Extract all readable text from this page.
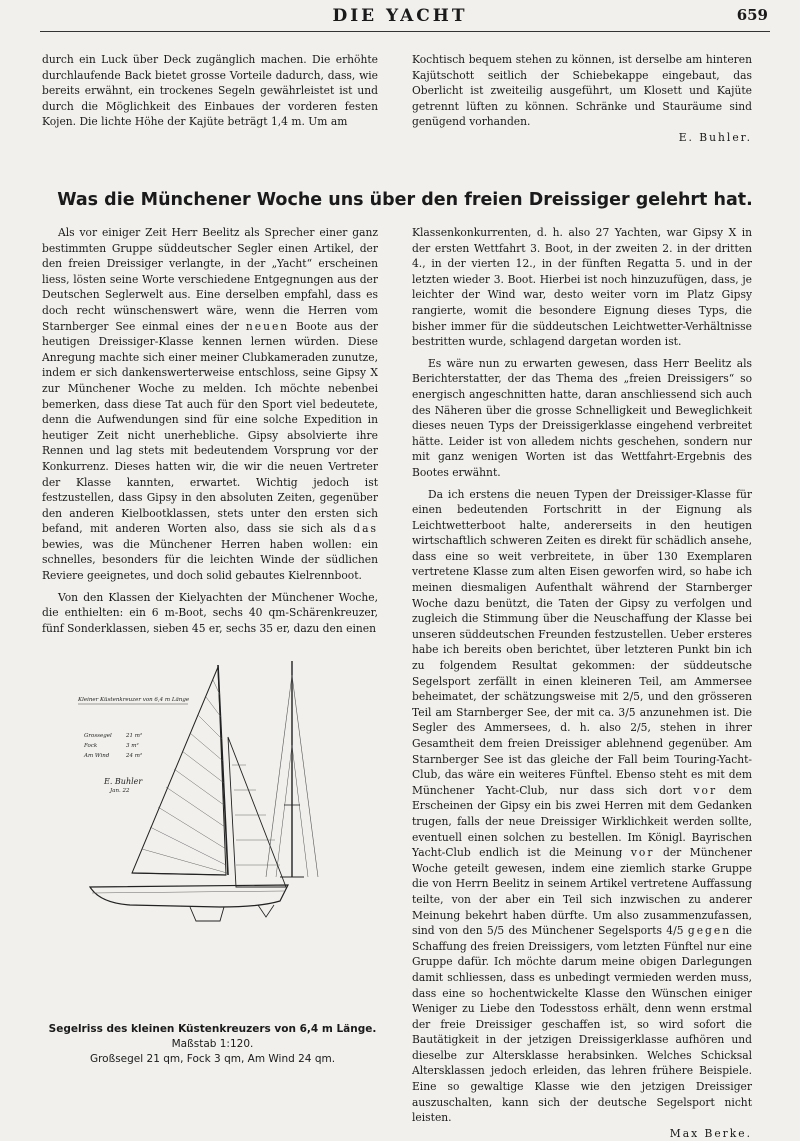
DIE YACHT	659

durch ein Luck über Deck zugänglich machen. Die erhöhte durchlaufende Back bietet grosse Vorteile dadurch, dass, wie bereits erwähnt, ein trockenes Segeln gewährleistet ist und durch die Möglichkeit des Einbaues der vorderen festen Kojen. Die lichte Höhe der Kajüte beträgt 1,4 m. Um am

Kochtisch bequem stehen zu können, ist derselbe am hinteren Kajütschott seitlich der Schiebekappe eingebaut, das Oberlicht ist zweiteilig ausgeführt, um Klosett und Kajüte getrennt lüften zu können. Schränke und Stauräume sind genügend vorhanden.

E. Buhler.
Was die Münchener Woche uns über den freien Dreissiger gelehrt hat.

Als vor einiger Zeit Herr Beelitz als Sprecher einer ganz bestimmten Gruppe süddeutscher Segler einen Artikel, der den freien Dreissiger verlangte, in der „Yacht“ erscheinen liess, lösten seine Worte verschiedene Entgegnungen aus der Deutschen Seglerwelt aus. Eine derselben empfahl, dass es doch recht wünschenswert wäre, wenn die Herren vom Starnberger See einmal eines der neuen Boote aus der heutigen Dreissiger-Klasse kennen lernen würden. Diese Anregung machte sich einer meiner Clubkameraden zunutze, indem er sich dankenswerterweise entschloss, seine Gipsy X zur Münchener Woche zu melden. Ich möchte nebenbei bemerken, dass diese Tat auch für den Sport viel bedeutete, denn die Aufwendungen sind für eine solche Expedition in heutiger Zeit nicht unerhebliche. Gipsy absolvierte ihre Rennen und lag stets mit bedeutendem Vorsprung vor der Konkurrenz. Dieses hatten wir, die wir die neuen Vertreter der Klasse kannten, erwartet. Wichtig jedoch ist festzustellen, dass Gipsy in den absoluten Zeiten, gegenüber den anderen Kielbootklassen, stets unter den ersten sich befand, mit anderen Worten also, dass sie sich als das bewies, was die Münchener Herren haben wollen: ein schnelles, besonders für die leichten Winde der südlichen Reviere geeignetes, und doch solid gebautes Kielrennboot.

Von den Klassen der Kielyachten der Münchener Woche, die enthielten: ein 6 m-Boot, sechs 40 qm-Schärenkreuzer, fünf Sonderklassen, sieben 45 er, sechs 35 er, dazu den einen

Klassenkonkurrenten, d. h. also 27 Yachten, war Gipsy X in der ersten Wettfahrt 3. Boot, in der zweiten 2. in der dritten 4., in der vierten 12., in der fünften Regatta 5. und in der letzten wieder 3. Boot. Hierbei ist noch hinzuzufügen, dass, je leichter der Wind war, desto weiter vorn im Platz Gipsy rangierte, womit die besondere Eignung dieses Typs, die bisher immer für die süddeutschen Leichtwetter-Verhältnisse bestritten wurde, schlagend dargetan worden ist.

Es wäre nun zu erwarten gewesen, dass Herr Beelitz als Berichterstatter, der das Thema des „freien Dreissigers“ so energisch angeschnitten hatte, daran anschliessend sich auch des Näheren über die grosse Schnelligkeit und Beweglichkeit dieses neuen Typs der Dreissigerklasse eingehend verbreitet hätte. Leider ist von alledem nichts geschehen, sondern nur mit ganz wenigen Worten ist das Wettfahrt-Ergebnis des Bootes erwähnt.

Da ich erstens die neuen Typen der Dreissiger-Klasse für einen bedeutenden Fortschritt in der Eignung als Leichtwetterboot halte, andererseits in den heutigen wirtschaftlich schweren Zeiten es direkt für schädlich ansehe, dass eine so weit verbreitete, in über 130 Exemplaren vertretene Klasse zum alten Eisen geworfen wird, so habe ich meinen diesmaligen Aufenthalt während der Starnberger Woche dazu benützt, die Taten der Gipsy zu verfolgen und zugleich die Stimmung über die Neuschaffung der Klasse bei unseren süddeutschen Freunden festzustellen. Ueber ersteres habe ich bereits oben berichtet, über letzteren Punkt bin ich zu folgendem Resultat gekommen: der süddeutsche Segelsport zerfällt in einen kleineren Teil, am Ammersee beheimatet, der schätzungsweise mit 2/5, und den grösseren Teil am Starnberger See, der mit ca. 3/5 anzunehmen ist. Die Segler des Ammersees, d. h. also 2/5, stehen in ihrer Gesamtheit dem freien Dreissiger ablehnend gegenüber. Am Starnberger See ist das gleiche der Fall beim Touring-Yacht-Club, das wäre ein weiteres Fünftel. Ebenso steht es mit dem Münchener Yacht-Club, nur dass sich dort vor dem Erscheinen der Gipsy ein bis zwei Herren mit dem Gedanken trugen, falls der neue Dreissiger Wirklichkeit werden sollte, eventuell einen solchen zu bestellen. Im Königl. Bayrischen Yacht-Club endlich ist die Meinung vor der Münchener Woche geteilt gewesen, indem eine ziemlich starke Gruppe die von Herrn Beelitz in seinem Artikel vertretene Auffassung teilte, von der aber ein Teil sich inzwischen zu anderer Meinung bekehrt haben dürfte. Um also zusammenzufassen, sind von den 5/5 des Münchener Segelsports 4/5 gegen die Schaffung des freien Dreissigers, vom letzten Fünftel nur eine Gruppe dafür. Ich möchte darum meine obigen Darlegungen damit schliessen, dass es unbedingt vermieden werden muss, dass eine so hochentwickelte Klasse den Wünschen einiger Weniger zu Liebe den Todesstoss erhält, denn wenn erstmal der freie Dreissiger geschaffen ist, so wird sofort die Bautätigkeit in der jetzigen Dreissigerklasse aufhören und dieselbe zur Altersklasse herabsinken. Welches Schicksal Altersklassen jedoch erleiden, das lehren frühere Beispiele. Eine so gewaltige Klasse wie den jetzigen Dreissiger auszuschalten, kann sich der deutsche Segelsport nicht leisten.

Max Berke.
Kleiner Küstenkreuzer von 6,4 m Länge
Grossegel	21 m²
Fock	3 m²
Am Wind	24 m²
E. Buhler
Jan. 22
Segelriss des kleinen Küstenkreuzers von 6,4 m Länge.
Maßstab 1:120.
Großsegel 21 qm, Fock 3 qm, Am Wind 24 qm.
